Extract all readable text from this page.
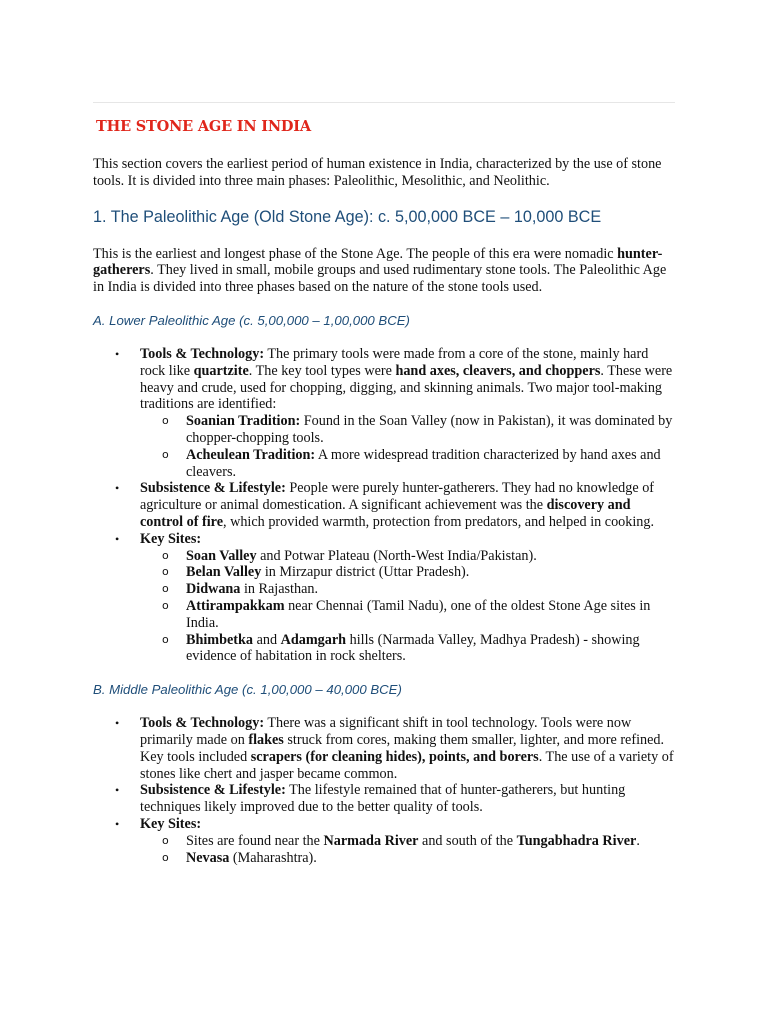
THE STONE AGE IN INDIA

This section covers the earliest period of human existence in India, characterized by the use of stone tools. It is divided into three main phases: Paleolithic, Mesolithic, and Neolithic.

1. The Paleolithic Age (Old Stone Age): c. 5,00,000 BCE – 10,000 BCE

This is the earliest and longest phase of the Stone Age. The people of this era were nomadic hunter-gatherers. They lived in small, mobile groups and used rudimentary stone tools. The Paleolithic Age in India is divided into three phases based on the nature of the stone tools used.

A. Lower Paleolithic Age (c. 5,00,000 – 1,00,000 BCE)
• Tools & Technology: The primary tools were made from a core of the stone, mainly hard rock like quartzite. The key tool types were hand axes, cleavers, and choppers. These were heavy and crude, used for chopping, digging, and skinning animals. Two major tool-making traditions are identified:
o Soanian Tradition: Found in the Soan Valley (now in Pakistan), it was dominated by chopper-chopping tools.
o Acheulean Tradition: A more widespread tradition characterized by hand axes and cleavers.
• Subsistence & Lifestyle: People were purely hunter-gatherers. They had no knowledge of agriculture or animal domestication. A significant achievement was the discovery and control of fire, which provided warmth, protection from predators, and helped in cooking.
• Key Sites:
o Soan Valley and Potwar Plateau (North-West India/Pakistan).
o Belan Valley in Mirzapur district (Uttar Pradesh).
o Didwana in Rajasthan.
o Attirampakkam near Chennai (Tamil Nadu), one of the oldest Stone Age sites in India.
o Bhimbetka and Adamgarh hills (Narmada Valley, Madhya Pradesh) - showing evidence of habitation in rock shelters.
B. Middle Paleolithic Age (c. 1,00,000 – 40,000 BCE)
• Tools & Technology: There was a significant shift in tool technology. Tools were now primarily made on flakes struck from cores, making them smaller, lighter, and more refined. Key tools included scrapers (for cleaning hides), points, and borers. The use of a variety of stones like chert and jasper became common.
• Subsistence & Lifestyle: The lifestyle remained that of hunter-gatherers, but hunting techniques likely improved due to the better quality of tools.
• Key Sites:
o Sites are found near the Narmada River and south of the Tungabhadra River.
o Nevasa (Maharashtra).
